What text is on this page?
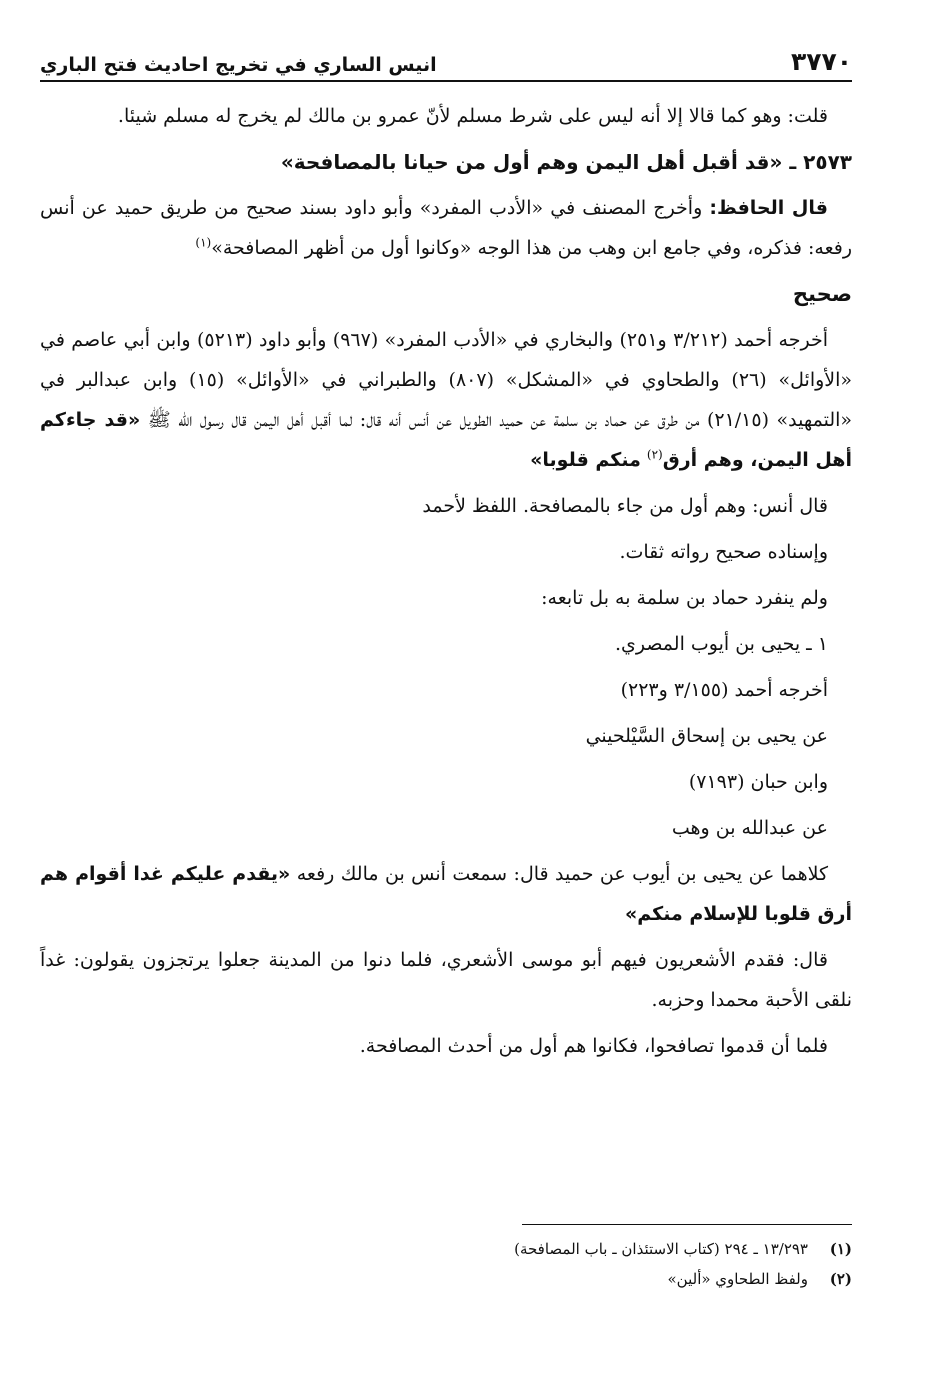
٣٧٧٠
انيس الساري في تخريج احاديث فتح الباري

قلت: وهو كما قالا إلا أنه ليس على شرط مسلم لأنّ عمرو بن مالك لم يخرج له مسلم شيئا.

٢٥٧٣ ـ «قد أقبل أهل اليمن وهم أول من حيانا بالمصافحة»

قال الحافظ: وأخرج المصنف في «الأدب المفرد» وأبو داود بسند صحيح من طريق حميد عن أنس رفعه: فذكره، وفي جامع ابن وهب من هذا الوجه «وكانوا أول من أظهر المصافحة»$^{(١)}$

صحيح

أخرجه أحمد (٣/٢١٢ و٢٥١) والبخاري في «الأدب المفرد» (٩٦٧) وأبو داود (٥٢١٣) وابن أبي عاصم في «الأوائل» (٢٦) والطحاوي في «المشكل» (٨٠٧) والطبراني في «الأوائل» (١٥) وابن عبدالبر في «التمهيد» (٢١/١٥) من طرق عن حماد بن سلمة عن حميد الطويل عن أنس أنه قال: لما أقبل أهل اليمن قال رسول الله ﷺ «قد جاءكم أهل اليمن، وهم أرق$^{(٢)}$ منكم قلوبا»

قال أنس: وهم أول من جاء بالمصافحة. اللفظ لأحمد

وإسناده صحيح رواته ثقات.

ولم ينفرد حماد بن سلمة به بل تابعه:

١ ـ يحيى بن أيوب المصري.

أخرجه أحمد (٣/١٥٥ و٢٢٣)

عن يحيى بن إسحاق السَّيْلحيني

وابن حبان (٧١٩٣)

عن عبدالله بن وهب

كلاهما عن يحيى بن أيوب عن حميد قال: سمعت أنس بن مالك رفعه «يقدم عليكم غدا أقوام هم أرق قلوبا للإسلام منكم»

قال: فقدم الأشعريون فيهم أبو موسى الأشعري، فلما دنوا من المدينة جعلوا يرتجزون يقولون: غداً نلقى الأحبة محمدا وحزبه.

فلما أن قدموا تصافحوا، فكانوا هم أول من أحدث المصافحة.

(١)
١٣/٢٩٣ ـ ٢٩٤ (كتاب الاستئذان ـ باب المصافحة)
(٢)
ولفظ الطحاوي «ألين»
